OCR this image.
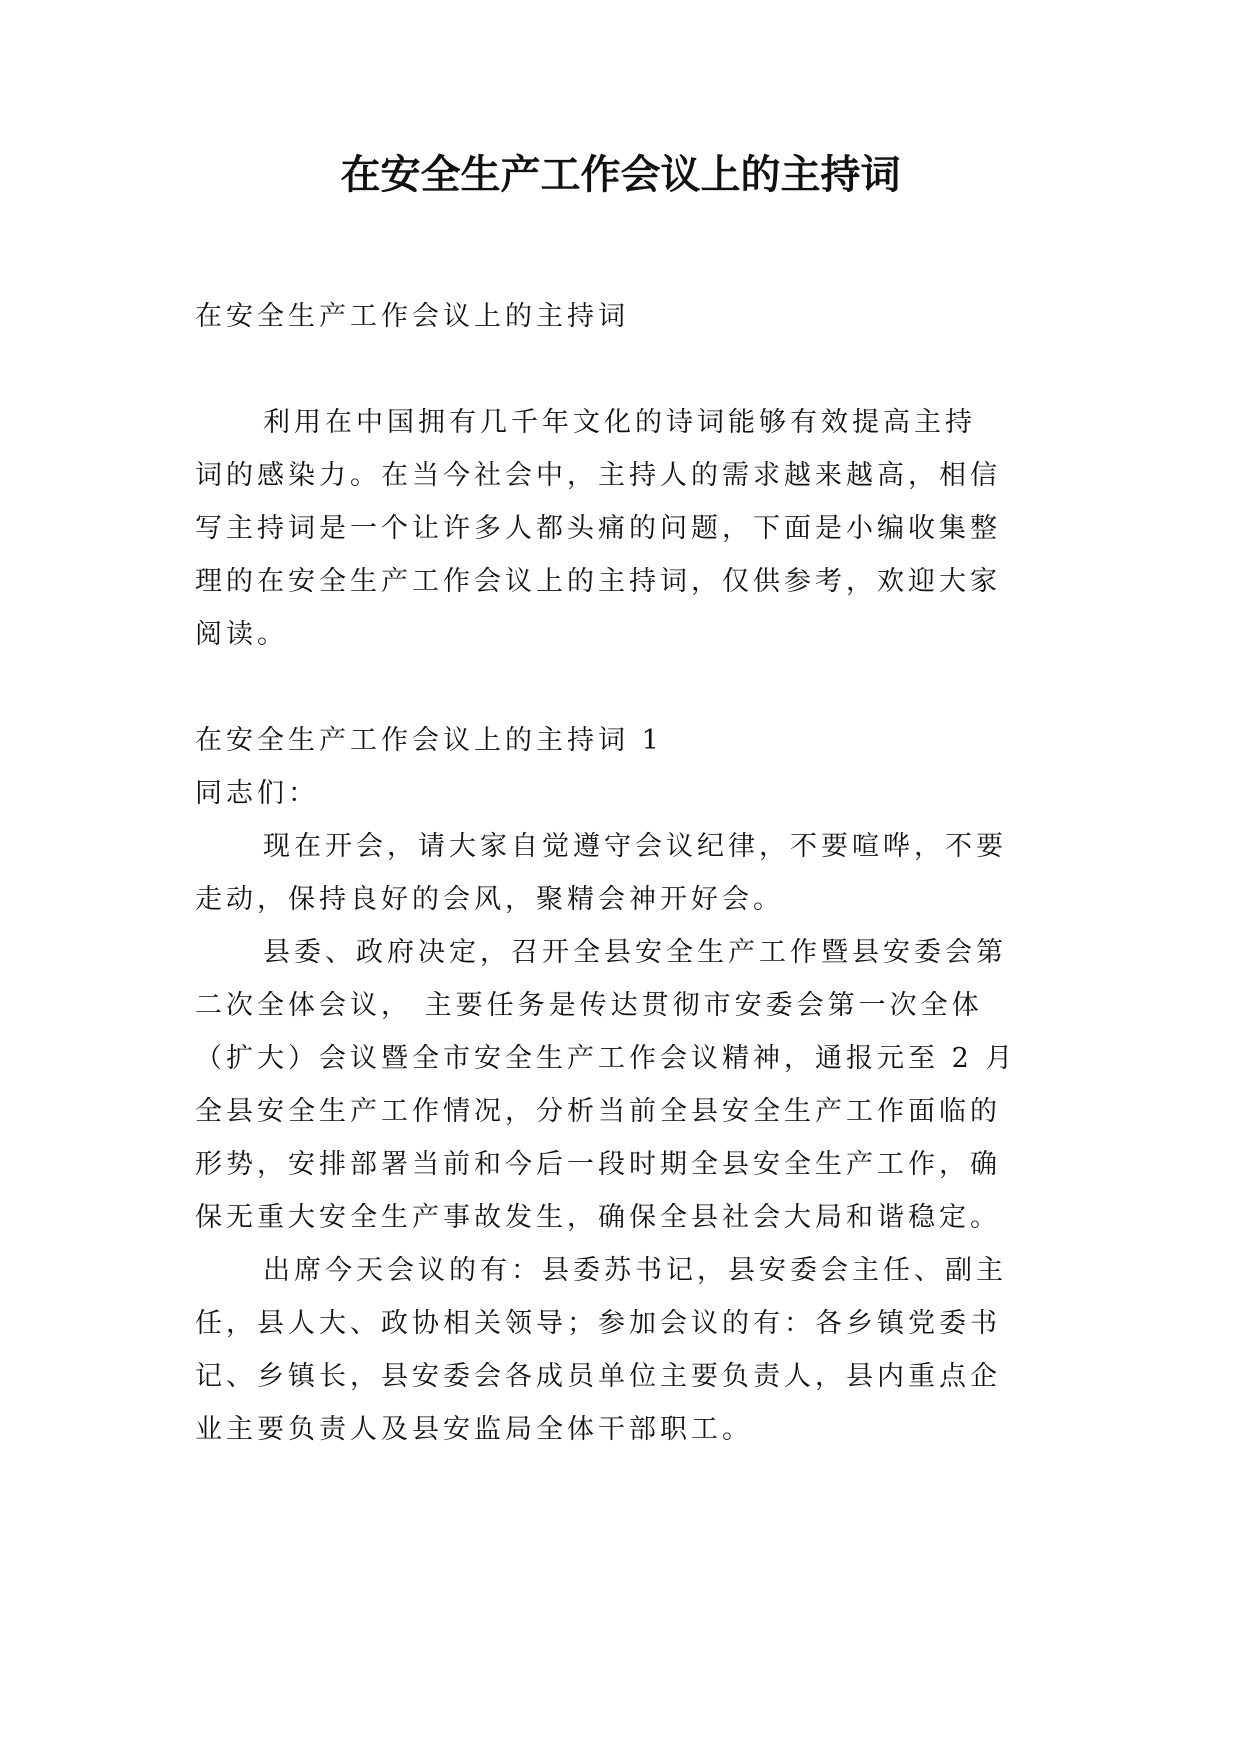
在安全生产工作会议上的主持词

在安全生产工作会议上的主持词

利用在中国拥有几千年文化的诗词能够有效提高主持

词的感染力。在当今社会中，主持人的需求越来越高，相信

写主持词是一个让许多人都头痛的问题，下面是小编收集整

理的在安全生产工作会议上的主持词，仅供参考，欢迎大家

阅读。

在安全生产工作会议上的主持词 1

同志们：

现在开会，请大家自觉遵守会议纪律，不要喧哗，不要

走动，保持良好的会风，聚精会神开好会。

县委、政府决定，召开全县安全生产工作暨县安委会第

二次全体会议， 主要任务是传达贯彻市安委会第一次全体

（扩大）会议暨全市安全生产工作会议精神，通报元至 2 月

全县安全生产工作情况，分析当前全县安全生产工作面临的

形势，安排部署当前和今后一段时期全县安全生产工作，确

保无重大安全生产事故发生，确保全县社会大局和谐稳定。

出席今天会议的有：县委苏书记，县安委会主任、副主

任，县人大、政协相关领导；参加会议的有：各乡镇党委书

记、乡镇长，县安委会各成员单位主要负责人，县内重点企

业主要负责人及县安监局全体干部职工。
